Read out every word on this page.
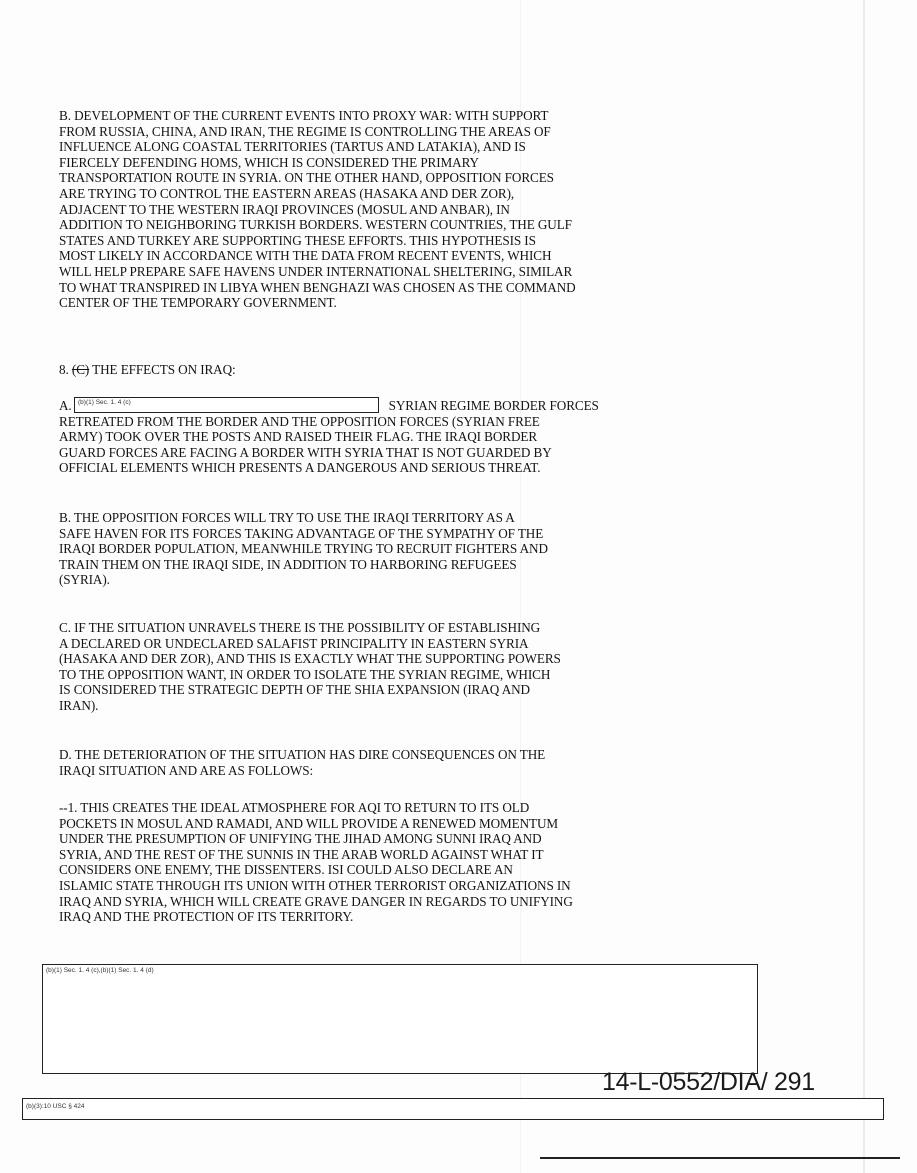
B. DEVELOPMENT OF THE CURRENT EVENTS INTO PROXY WAR: WITH SUPPORT
FROM RUSSIA, CHINA, AND IRAN, THE REGIME IS CONTROLLING THE AREAS OF
INFLUENCE ALONG COASTAL TERRITORIES (TARTUS AND LATAKIA), AND IS
FIERCELY DEFENDING HOMS, WHICH IS CONSIDERED THE PRIMARY
TRANSPORTATION ROUTE IN SYRIA. ON THE OTHER HAND, OPPOSITION FORCES
ARE TRYING TO CONTROL THE EASTERN AREAS (HASAKA AND DER ZOR),
ADJACENT TO THE WESTERN IRAQI PROVINCES (MOSUL AND ANBAR), IN
ADDITION TO NEIGHBORING TURKISH BORDERS. WESTERN COUNTRIES, THE GULF
STATES AND TURKEY ARE SUPPORTING THESE EFFORTS. THIS HYPOTHESIS IS
MOST LIKELY IN ACCORDANCE WITH THE DATA FROM RECENT EVENTS, WHICH
WILL HELP PREPARE SAFE HAVENS UNDER INTERNATIONAL SHELTERING, SIMILAR
TO WHAT TRANSPIRED IN LIBYA WHEN BENGHAZI WAS CHOSEN AS THE COMMAND
CENTER OF THE TEMPORARY GOVERNMENT.
8. (C) THE EFFECTS ON IRAQ:
A.	SYRIAN REGIME BORDER FORCES
RETREATED FROM THE BORDER AND THE OPPOSITION FORCES (SYRIAN FREE
ARMY) TOOK OVER THE POSTS AND RAISED THEIR FLAG. THE IRAQI BORDER
GUARD FORCES ARE FACING A BORDER WITH SYRIA THAT IS NOT GUARDED BY
OFFICIAL ELEMENTS WHICH PRESENTS A DANGEROUS AND SERIOUS THREAT.
(b)(1) Sec. 1. 4 (c)
B. THE OPPOSITION FORCES WILL TRY TO USE THE IRAQI TERRITORY AS A
SAFE HAVEN FOR ITS FORCES TAKING ADVANTAGE OF THE SYMPATHY OF THE
IRAQI BORDER POPULATION, MEANWHILE TRYING TO RECRUIT FIGHTERS AND
TRAIN THEM ON THE IRAQI SIDE, IN ADDITION TO HARBORING REFUGEES
(SYRIA).
C. IF THE SITUATION UNRAVELS THERE IS THE POSSIBILITY OF ESTABLISHING
A DECLARED OR UNDECLARED SALAFIST PRINCIPALITY IN EASTERN SYRIA
(HASAKA AND DER ZOR), AND THIS IS EXACTLY WHAT THE SUPPORTING POWERS
TO THE OPPOSITION WANT, IN ORDER TO ISOLATE THE SYRIAN REGIME, WHICH
IS CONSIDERED THE STRATEGIC DEPTH OF THE SHIA EXPANSION (IRAQ AND
IRAN).
D. THE DETERIORATION OF THE SITUATION HAS DIRE CONSEQUENCES ON THE
IRAQI SITUATION AND ARE AS FOLLOWS:
--1. THIS CREATES THE IDEAL ATMOSPHERE FOR AQI TO RETURN TO ITS OLD
POCKETS IN MOSUL AND RAMADI, AND WILL PROVIDE A RENEWED MOMENTUM
UNDER THE PRESUMPTION OF UNIFYING THE JIHAD AMONG SUNNI IRAQ AND
SYRIA, AND THE REST OF THE SUNNIS IN THE ARAB WORLD AGAINST WHAT IT
CONSIDERS ONE ENEMY, THE DISSENTERS. ISI COULD ALSO DECLARE AN
ISLAMIC STATE THROUGH ITS UNION WITH OTHER TERRORIST ORGANIZATIONS IN
IRAQ AND SYRIA, WHICH WILL CREATE GRAVE DANGER IN REGARDS TO UNIFYING
IRAQ AND THE PROTECTION OF ITS TERRITORY.
(b)(1) Sec. 1. 4 (c),(b)(1) Sec. 1. 4 (d)
14-L-0552/DIA/ 291
(b)(3):10 USC § 424
